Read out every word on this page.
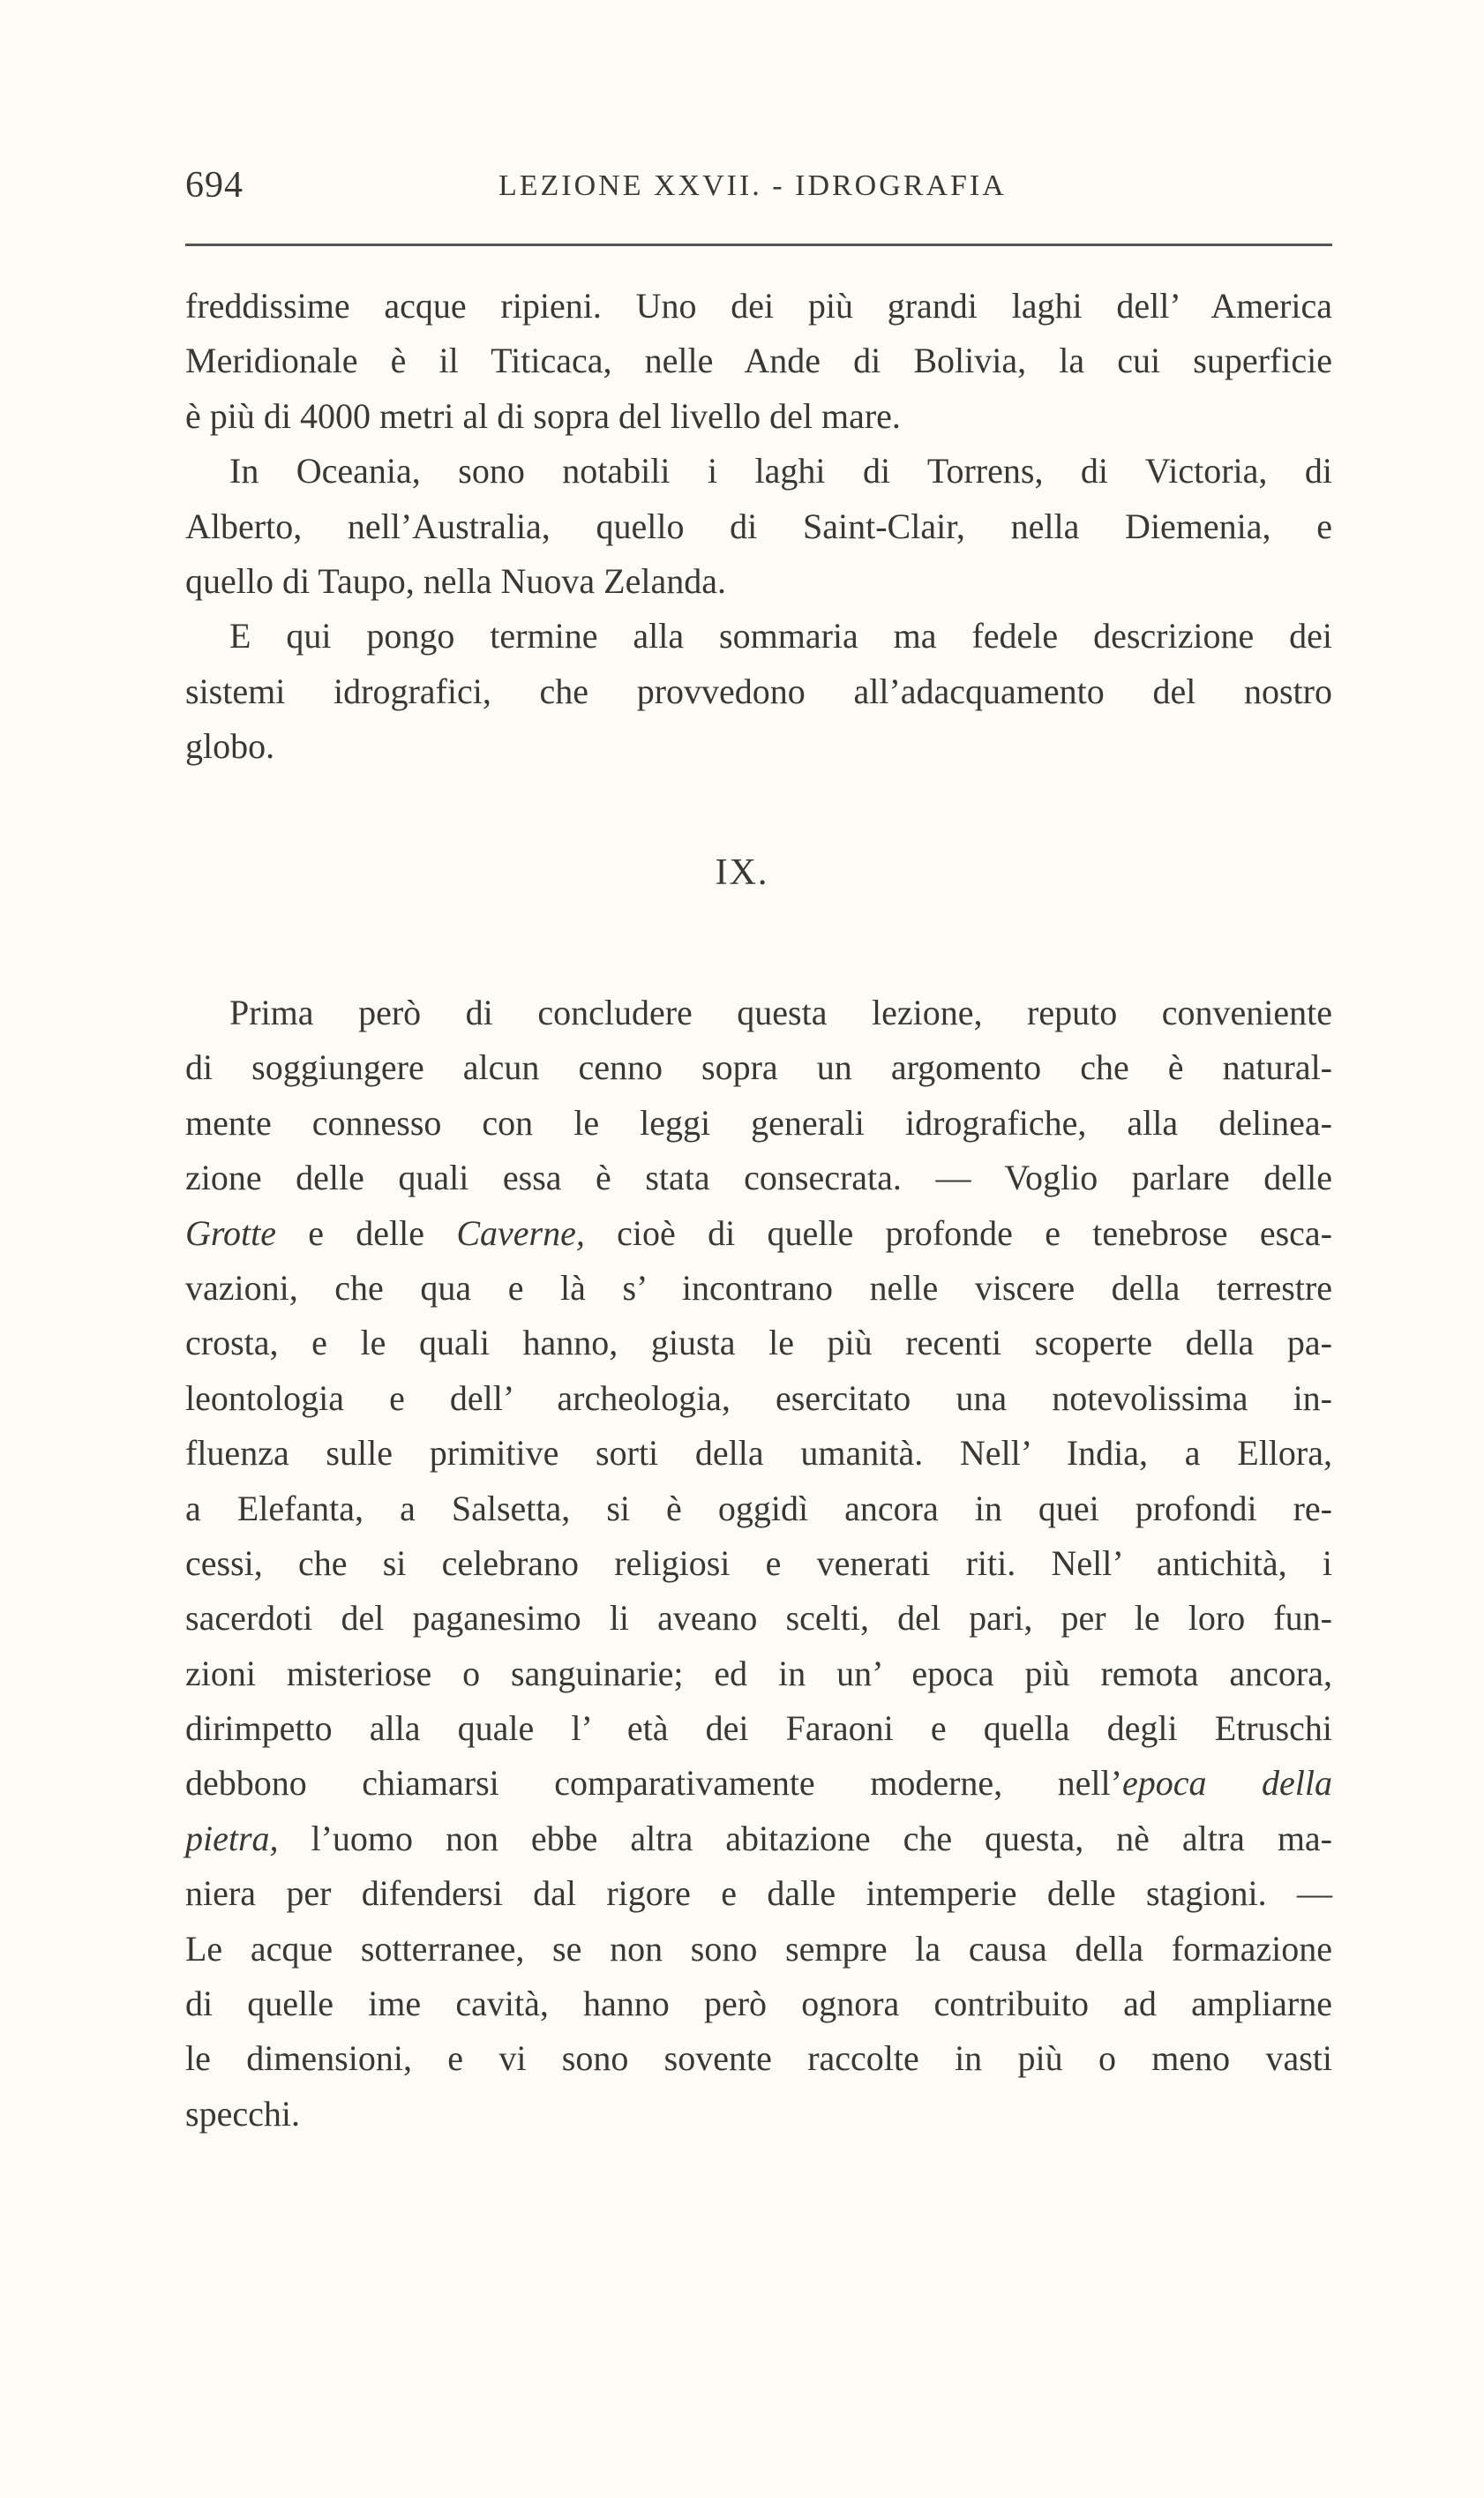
694	LEZIONE XXVII. - IDROGRAFIA
freddissime acque ripieni. Uno dei più grandi laghi dell’ America
Meridionale è il Titicaca, nelle Ande di Bolivia, la cui superficie
è più di 4000 metri al di sopra del livello del mare.
In Oceania, sono notabili i laghi di Torrens, di Victoria, di
Alberto, nell’Australia, quello di Saint-Clair, nella Diemenia, e
quello di Taupo, nella Nuova Zelanda.
E qui pongo termine alla sommaria ma fedele descrizione dei
sistemi idrografici, che provvedono all’adacquamento del nostro
globo.
IX.
Prima però di concludere questa lezione, reputo conveniente
di soggiungere alcun cenno sopra un argomento che è natural-
mente connesso con le leggi generali idrografiche, alla delinea-
zione delle quali essa è stata consecrata. — Voglio parlare delle
Grotte e delle Caverne, cioè di quelle profonde e tenebrose esca-
vazioni, che qua e là s’ incontrano nelle viscere della terrestre
crosta, e le quali hanno, giusta le più recenti scoperte della pa-
leontologia e dell’ archeologia, esercitato una notevolissima in-
fluenza sulle primitive sorti della umanità. Nell’ India, a Ellora,
a Elefanta, a Salsetta, si è oggidì ancora in quei profondi re-
cessi, che si celebrano religiosi e venerati riti. Nell’ antichità, i
sacerdoti del paganesimo li aveano scelti, del pari, per le loro fun-
zioni misteriose o sanguinarie; ed in un’ epoca più remota ancora,
dirimpetto alla quale l’ età dei Faraoni e quella degli Etruschi
debbono chiamarsi comparativamente moderne, nell’epoca della
pietra, l’uomo non ebbe altra abitazione che questa, nè altra ma-
niera per difendersi dal rigore e dalle intemperie delle stagioni. —
Le acque sotterranee, se non sono sempre la causa della formazione
di quelle ime cavità, hanno però ognora contribuito ad ampliarne
le dimensioni, e vi sono sovente raccolte in più o meno vasti
specchi.
